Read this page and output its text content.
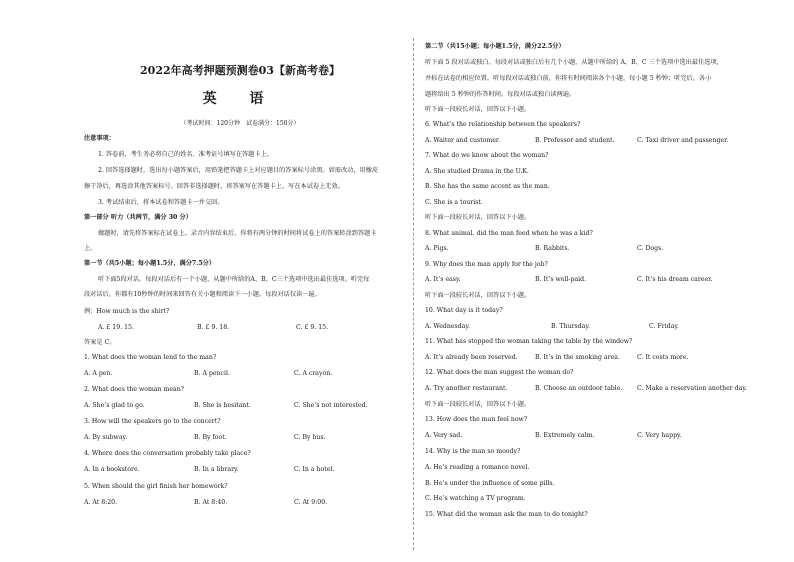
2022年高考押题预测卷03【新高考卷】
英 语
（考试时间：120分钟　试卷满分：150分）
注意事项：
1. 答卷前，考生务必将自己的姓名、准考证号填写在答题卡上。
2. 回答选择题时，选出每小题答案后，用铅笔把答题卡上对应题目的答案标号涂黑。如需改动，用橡皮
擦干净后，再选涂其他答案标号。回答非选择题时，将答案写在答题卡上，写在本试卷上无效。
3. 考试结束后，将本试卷和答题卡一并交回。
第一部分 听力（共两节，满分 30 分）
做题时，请先将答案标在试卷上。录音内容结束后，你将有两分钟的时间将试卷上的答案转涂到答题卡
上。
第一节（共5小题；每小题1.5分，满分7.5分）
听下面5段对话。每段对话后有一个小题，从题中所给的A、B、C三个选项中选出最佳选项。听完每
段对话后，你都有10秒钟的时间来回答有关小题和阅读下一小题。每段对话仅读一遍。
例：How much is the shirt?
A. £ 19. 15.	B. £ 9. 18.	C. £ 9. 15.
答案是 C。
1. What does the woman lend to the man?
A. A pen.	B. A pencil.	C. A crayon.
2. What does the woman mean?
A. She’s glad to go.	B. She is hesitant.	C. She’s not interested.
3. How will the speakers go to the concert?
A. By subway.	B. By foot.	C. By bus.
4. Where does the conversation probably take place?
A. In a bookstore.	B. In a library.	C. In a hotel.
5. When should the girl finish her homework?
A. At 8:20.	B. At 8:40.	C. At 9:00.
第二节（共15小题；每小题1.5分，满分22.5分）
听下面 5 段对话或独白。每段对话或独白后有几个小题，从题中所给的 A、B、C 三个选项中选出最佳选项，
并标在试卷的相应位置。听每段对话或独白前，你将有时间阅读各个小题，每小题 5 秒钟；听完后，各小
题将给出 5 秒钟的作答时间。每段对话或独白读两遍。
听下面一段较长对话，回答以下小题。
6. What’s the relationship between the speakers?
A. Waiter and customer.	B. Professor and student.	C. Taxi driver and passenger.
7. What do we know about the woman?
A. She studied Drama in the U.K.
B. She has the same accent as the man.
C. She is a tourist.
听下面一段较长对话，回答以下小题。
8. What animal. did the man feed when he was a kid?
A. Pigs.	B. Rabbits.	C. Dogs.
9. Why does the man apply for the job?
A. It’s easy.	B. It’s well-paid.	C. It’s his dream career.
听下面一段较长对话，回答以下小题。
10. What day is it today?
A. Wednesday.	B. Thursday.	C. Friday.
11. What has stopped the woman taking the table by the window?
A. It’s already been reserved.	B. It’s in the smoking area.	C. It costs more.
12. What does the man suggest the woman do?
A. Try another restaurant.	B. Choose an outdoor table. C. Make a reservation another day.
听下面一段较长对话，回答以下小题。
13. How does the man feel now?
A. Very sad.	B. Extremely calm.	C. Very happy.
14. Why is the man so moody?
A. He’s reading a romance novel.
B. He’s under the influence of some pills.
C. He’s watching a TV program.
15. What did the woman ask the man to do tonight?
